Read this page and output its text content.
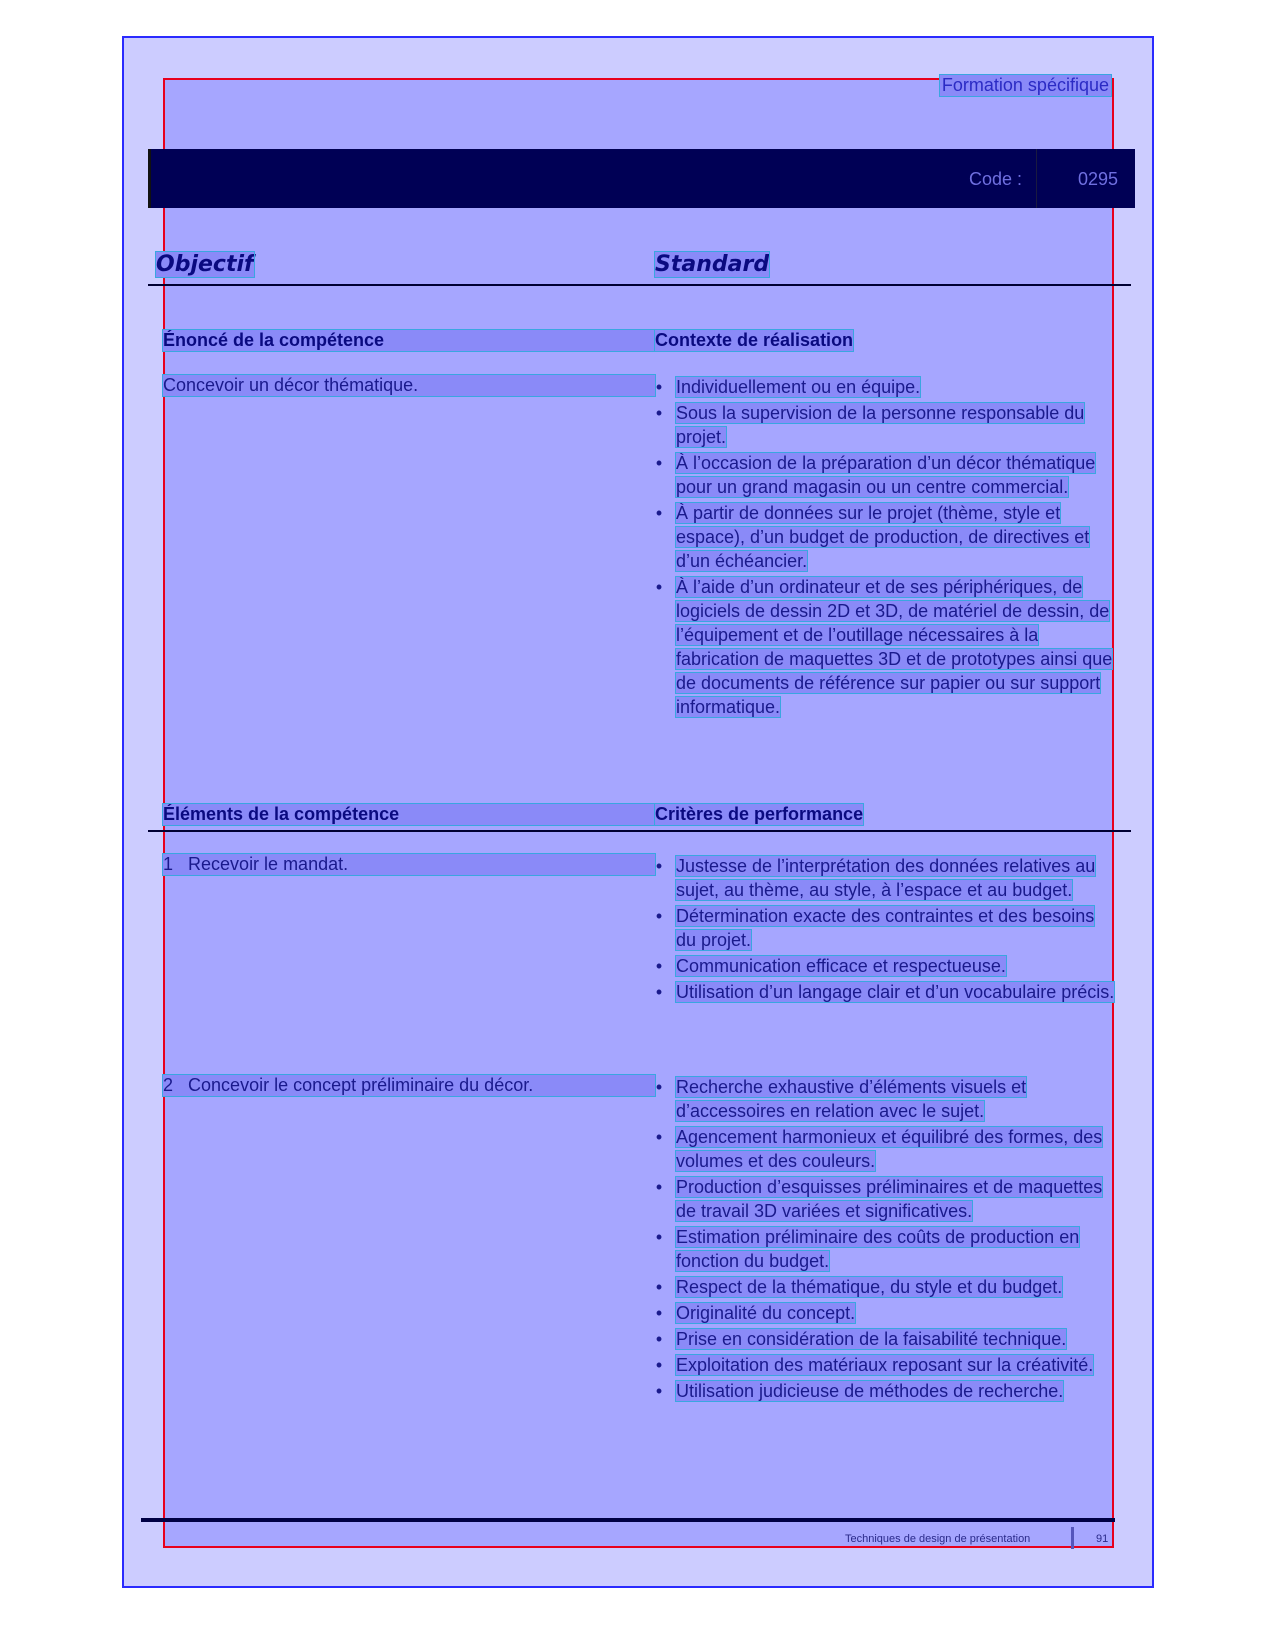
Formation spécifique
Code :	0295
Objectif	Standard
Énoncé de la compétence	Contexte de réalisation
Concevoir un décor thématique.	• Individuellement ou en équipe.
• Sous la supervision de la personne responsable du projet.
• À l’occasion de la préparation d’un décor thématique pour un grand magasin ou un centre commercial.
• À partir de données sur le projet (thème, style et espace), d’un budget de production, de directives et d’un échéancier.
• À l’aide d’un ordinateur et de ses périphériques, de logiciels de dessin 2D et 3D, de matériel de dessin, de l’équipement et de l’outillage nécessaires à la fabrication de maquettes 3D et de prototypes ainsi que de documents de référence sur papier ou sur support informatique.
Éléments de la compétence	Critères de performance
1 Recevoir le mandat.	• Justesse de l’interprétation des données relatives au sujet, au thème, au style, à l’espace et au budget.
• Détermination exacte des contraintes et des besoins du projet.
• Communication efficace et respectueuse.
• Utilisation d’un langage clair et d’un vocabulaire précis.
2 Concevoir le concept préliminaire du décor.	• Recherche exhaustive d’éléments visuels et d’accessoires en relation avec le sujet.
• Agencement harmonieux et équilibré des formes, des volumes et des couleurs.
• Production d’esquisses préliminaires et de maquettes de travail 3D variées et significatives.
• Estimation préliminaire des coûts de production en fonction du budget.
• Respect de la thématique, du style et du budget.
• Originalité du concept.
• Prise en considération de la faisabilité technique.
• Exploitation des matériaux reposant sur la créativité.
• Utilisation judicieuse de méthodes de recherche.
Techniques de design de présentation	91
